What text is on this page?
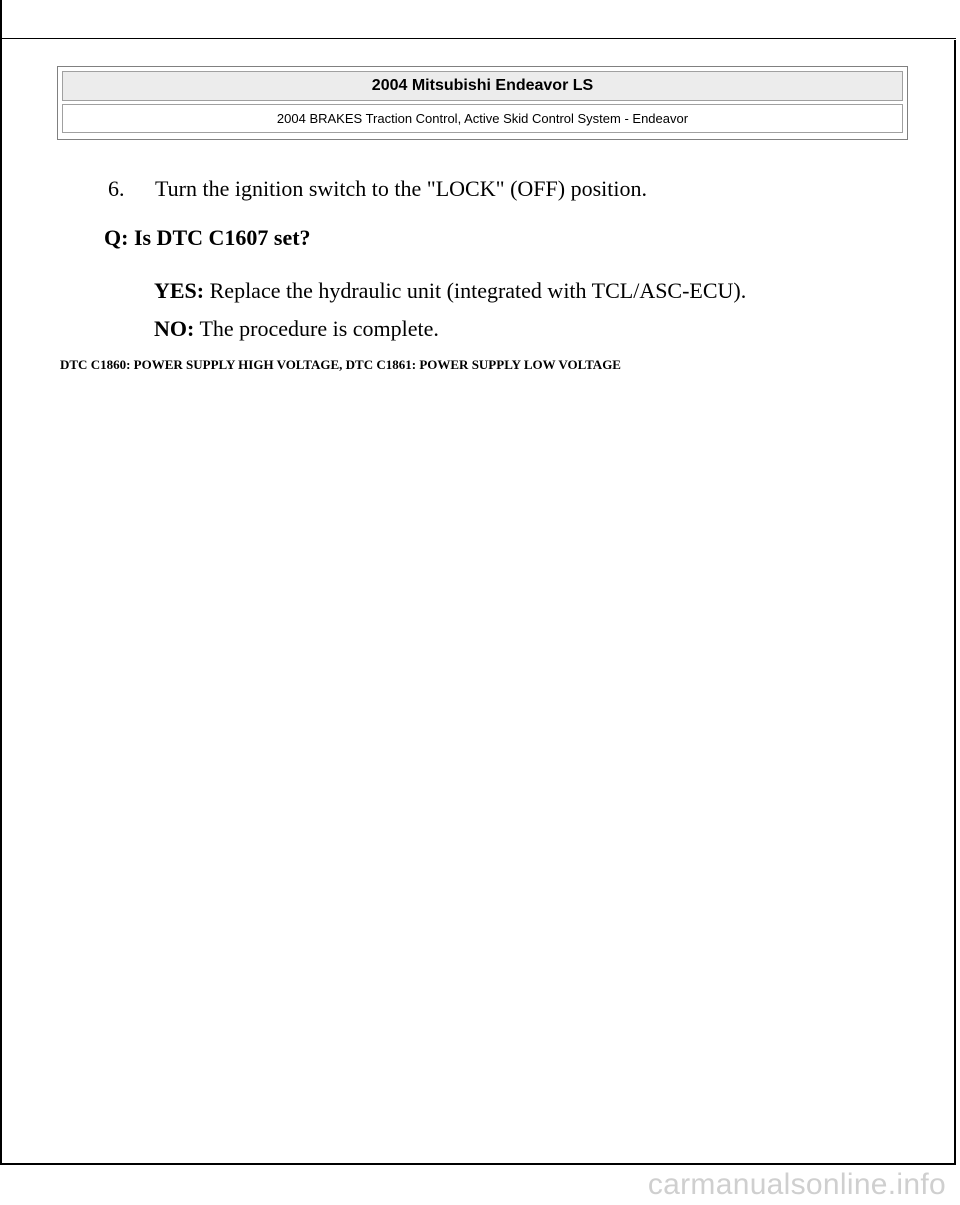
2004 Mitsubishi Endeavor LS
2004 BRAKES Traction Control, Active Skid Control System - Endeavor
6. Turn the ignition switch to the "LOCK" (OFF) position.
Q: Is DTC C1607 set?
YES: Replace the hydraulic unit (integrated with TCL/ASC-ECU).
NO: The procedure is complete.
DTC C1860: POWER SUPPLY HIGH VOLTAGE, DTC C1861: POWER SUPPLY LOW VOLTAGE
carmanualsonline.info
